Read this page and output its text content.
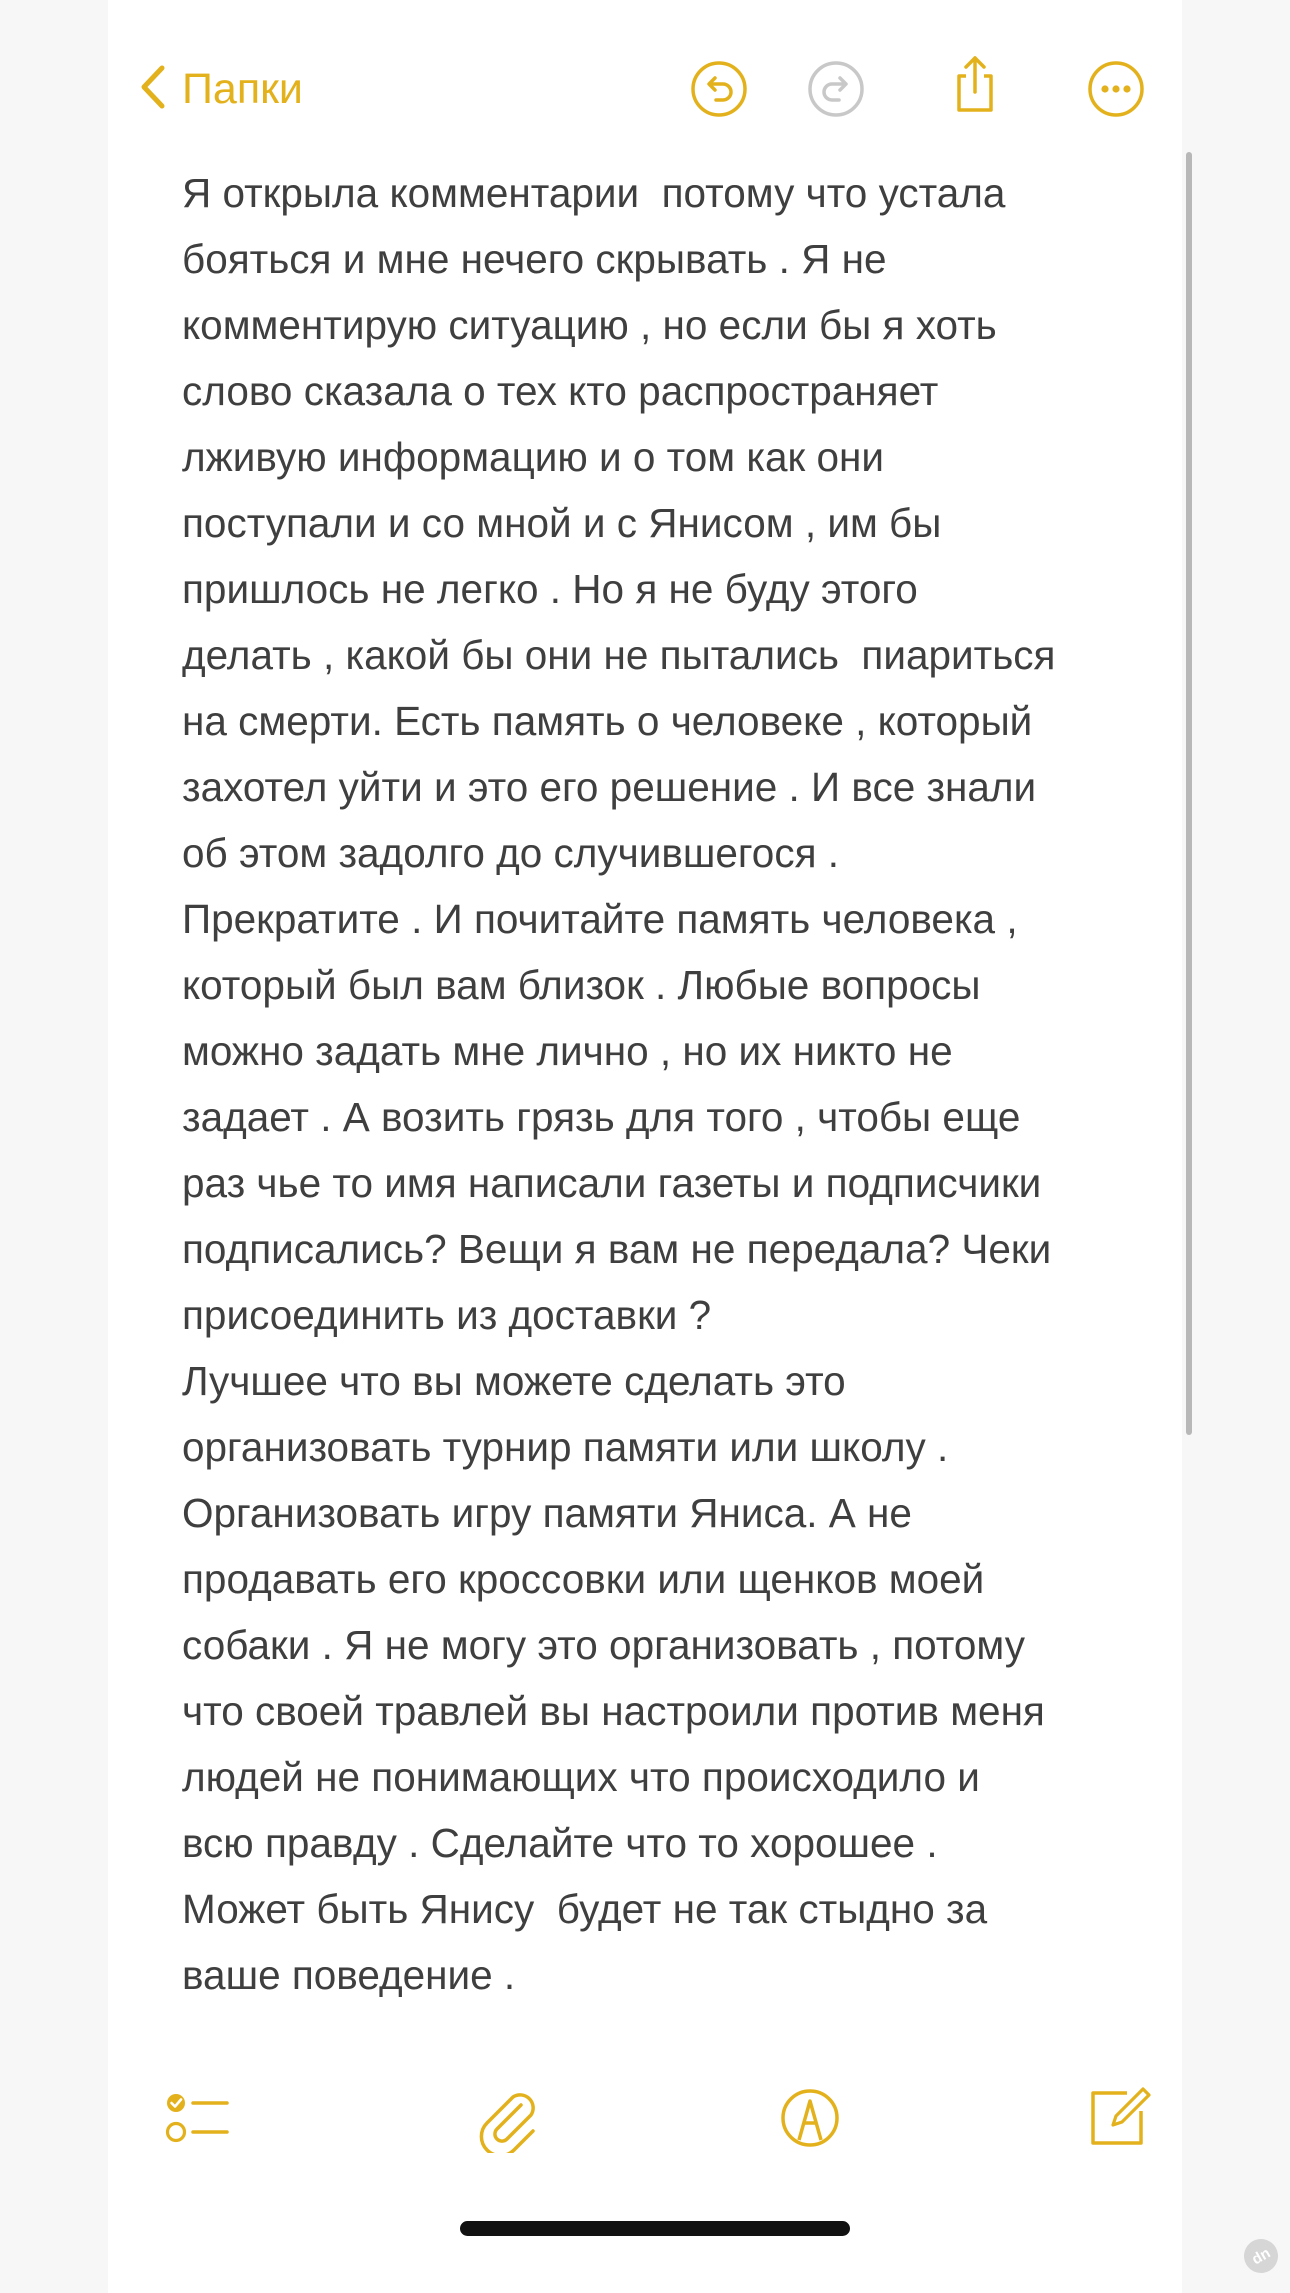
Папки

Я открыла комментарии  потому что устала
бояться и мне нечего скрывать . Я не
комментирую ситуацию , но если бы я хоть
слово сказала о тех кто распространяет
лживую информацию и о том как они
поступали и со мной и с Янисом , им бы
пришлось не легко . Но я не буду этого
делать , какой бы они не пытались  пиариться
на смерти. Есть память о человеке , который
захотел уйти и это его решение . И все знали
об этом задолго до случившегося .
Прекратите . И почитайте память человека ,
который был вам близок . Любые вопросы
можно задать мне лично , но их никто не
задает . А возить грязь для того , чтобы еще
раз чье то имя написали газеты и подписчики
подписались? Вещи я вам не передала? Чеки
присоединить из доставки ?
Лучшее что вы можете сделать это
организовать турнир памяти или школу .
Организовать игру памяти Яниса. А не
продавать его кроссовки или щенков моей
собаки . Я не могу это организовать , потому
что своей травлей вы настроили против меня
людей не понимающих что происходило и
всю правду . Сделайте что то хорошее .
Может быть Янису  будет не так стыдно за
ваше поведение .

dn
